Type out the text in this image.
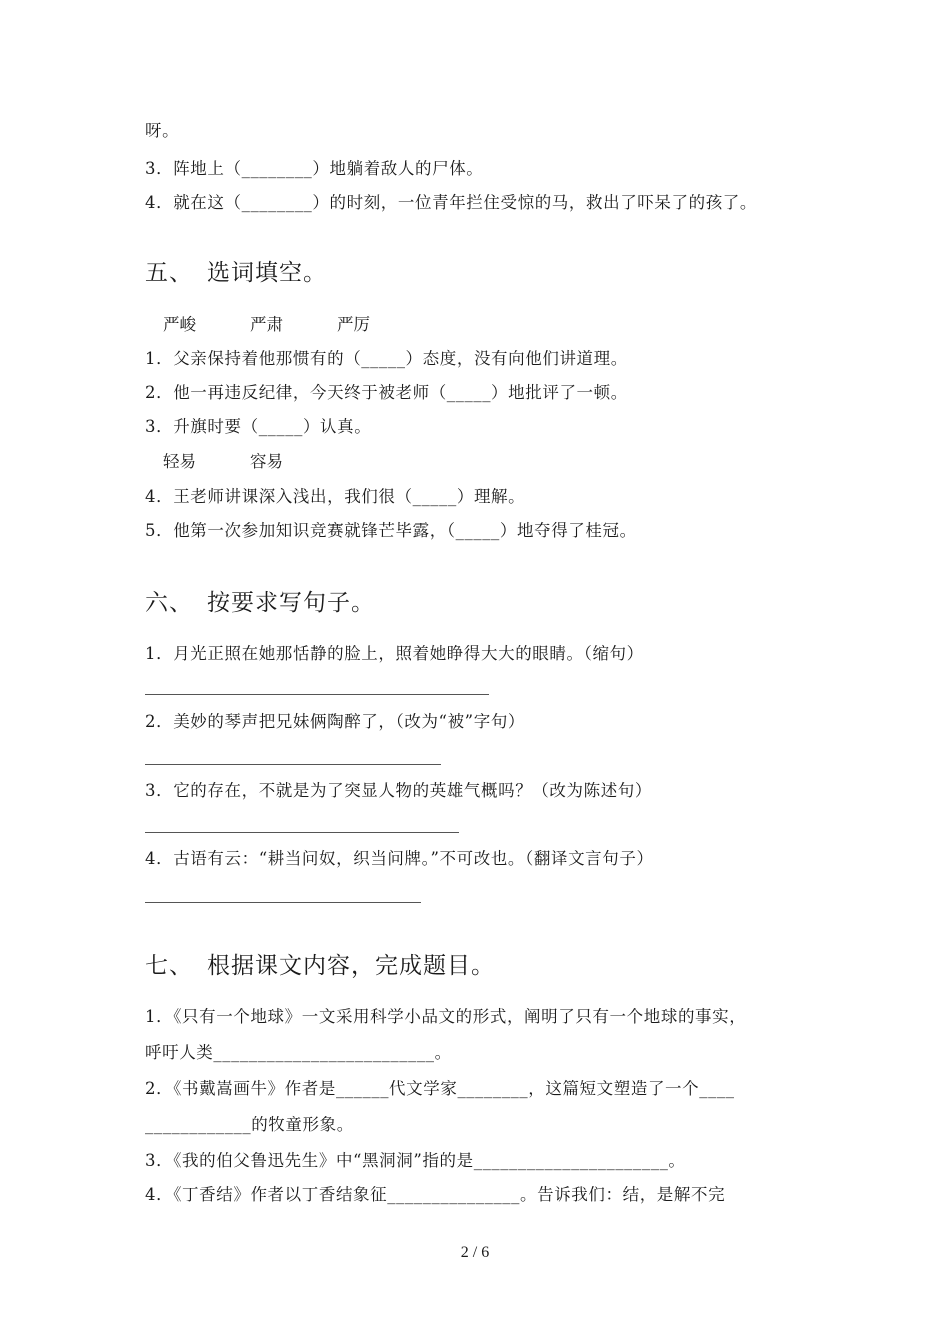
呀。
3．阵地上（________）地躺着敌人的尸体。
4．就在这（________）的时刻，一位青年拦住受惊的马，救出了吓呆了的孩了。
五、 选词填空。
严峻	严肃	严厉
1．父亲保持着他那惯有的（_____）态度，没有向他们讲道理。
2．他一再违反纪律，今天终于被老师（_____）地批评了一顿。
3．升旗时要（_____）认真。
轻易	容易
4．王老师讲课深入浅出，我们很（_____）理解。
5．他第一次参加知识竞赛就锋芒毕露，（_____）地夺得了桂冠。
六、 按要求写句子。
1．月光正照在她那恬静的脸上，照着她睁得大大的眼睛。（缩句）
2．美妙的琴声把兄妹俩陶醉了，（改为“被”字句）
3．它的存在，不就是为了突显人物的英雄气概吗？（改为陈述句）
4．古语有云：“耕当问奴，织当问牌。”不可改也。（翻译文言句子）
七、 根据课文内容，完成题目。
1．《只有一个地球》一文采用科学小品文的形式，阐明了只有一个地球的事实，
呼吁人类_________________________。
2．《书戴嵩画牛》作者是______代文学家________，这篇短文塑造了一个____
____________的牧童形象。
3．《我的伯父鲁迅先生》中“黑洞洞”指的是______________________。
4．《丁香结》作者以丁香结象征_______________。告诉我们：结，是解不完
2 / 6
